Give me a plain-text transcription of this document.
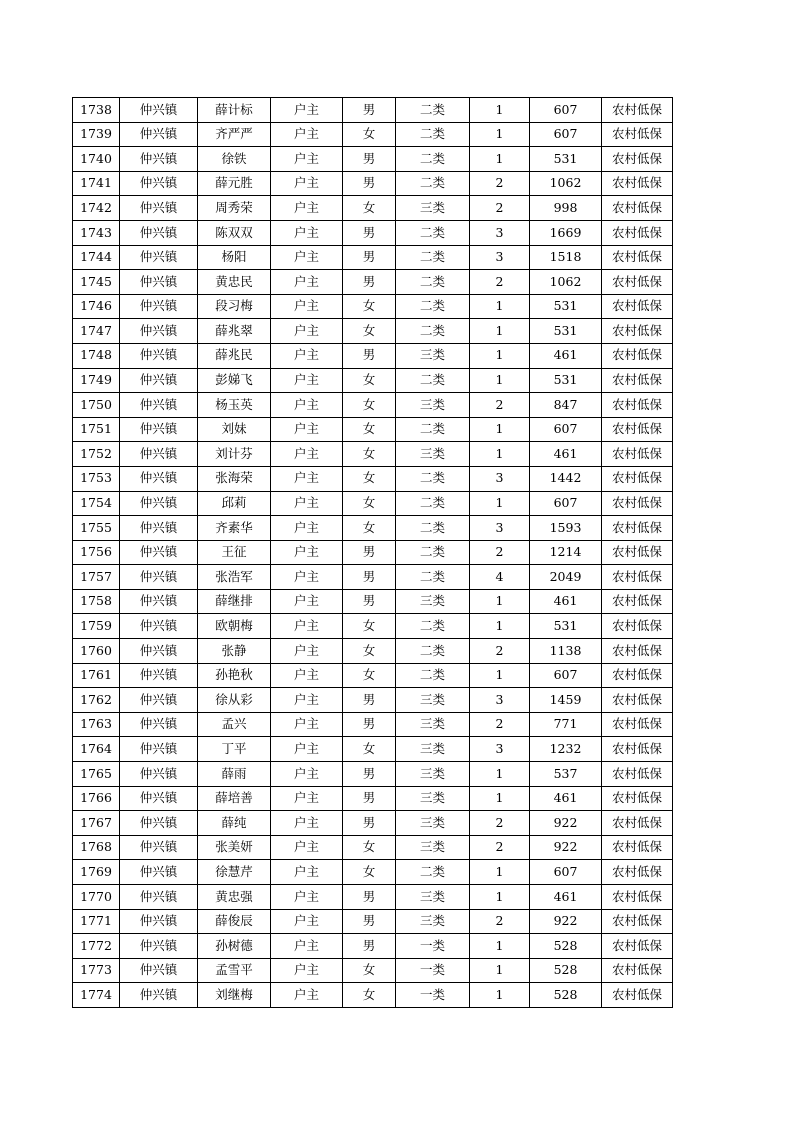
1738	仲兴镇	薛计标	户主	男	二类	1	607	农村低保
1739	仲兴镇	齐严严	户主	女	二类	1	607	农村低保
1740	仲兴镇	徐铁	户主	男	二类	1	531	农村低保
1741	仲兴镇	薛元胜	户主	男	二类	2	1062	农村低保
1742	仲兴镇	周秀荣	户主	女	三类	2	998	农村低保
1743	仲兴镇	陈双双	户主	男	二类	3	1669	农村低保
1744	仲兴镇	杨阳	户主	男	二类	3	1518	农村低保
1745	仲兴镇	黄忠民	户主	男	二类	2	1062	农村低保
1746	仲兴镇	段习梅	户主	女	二类	1	531	农村低保
1747	仲兴镇	薛兆翠	户主	女	二类	1	531	农村低保
1748	仲兴镇	薛兆民	户主	男	三类	1	461	农村低保
1749	仲兴镇	彭娣飞	户主	女	二类	1	531	农村低保
1750	仲兴镇	杨玉英	户主	女	三类	2	847	农村低保
1751	仲兴镇	刘妹	户主	女	二类	1	607	农村低保
1752	仲兴镇	刘计芬	户主	女	三类	1	461	农村低保
1753	仲兴镇	张海荣	户主	女	二类	3	1442	农村低保
1754	仲兴镇	邱莉	户主	女	二类	1	607	农村低保
1755	仲兴镇	齐素华	户主	女	二类	3	1593	农村低保
1756	仲兴镇	王征	户主	男	二类	2	1214	农村低保
1757	仲兴镇	张浩军	户主	男	二类	4	2049	农村低保
1758	仲兴镇	薛继排	户主	男	三类	1	461	农村低保
1759	仲兴镇	欧朝梅	户主	女	二类	1	531	农村低保
1760	仲兴镇	张静	户主	女	二类	2	1138	农村低保
1761	仲兴镇	孙艳秋	户主	女	二类	1	607	农村低保
1762	仲兴镇	徐从彩	户主	男	三类	3	1459	农村低保
1763	仲兴镇	孟兴	户主	男	三类	2	771	农村低保
1764	仲兴镇	丁平	户主	女	三类	3	1232	农村低保
1765	仲兴镇	薛雨	户主	男	三类	1	537	农村低保
1766	仲兴镇	薛培善	户主	男	三类	1	461	农村低保
1767	仲兴镇	薛纯	户主	男	三类	2	922	农村低保
1768	仲兴镇	张美妍	户主	女	三类	2	922	农村低保
1769	仲兴镇	徐慧芹	户主	女	二类	1	607	农村低保
1770	仲兴镇	黄忠强	户主	男	三类	1	461	农村低保
1771	仲兴镇	薛俊辰	户主	男	三类	2	922	农村低保
1772	仲兴镇	孙树德	户主	男	一类	1	528	农村低保
1773	仲兴镇	孟雪平	户主	女	一类	1	528	农村低保
1774	仲兴镇	刘继梅	户主	女	一类	1	528	农村低保
